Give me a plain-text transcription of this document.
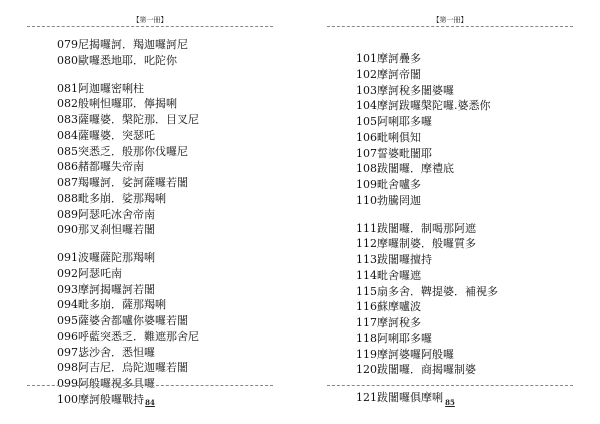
【第一冊】
079尼揭囉訶．羯迦囉訶尼
080歐囉悉地耶．叱陀你
081阿迦囉密唎柱
082般唎怛囉耶．儜揭唎
083薩囉婆．槃陀那．目叉尼
084薩囉婆．突瑟吒
085突悉乏．般那你伐囉尼
086赭都囉失帝南
087羯囉訶．娑訶薩囉若闍
088毗多崩．娑那羯唎
089阿瑟吒冰舍帝南
090那叉刹怛囉若闍
091波囉薩陀那羯唎
092阿瑟吒南
093摩訶揭囉訶若闍
094毗多崩．薩那羯唎
095薩婆舍都嚧你婆囉若闍
096呼藍突悉乏．難遮那舍尼
097毖沙舍．悉怛囉
098阿吉尼．烏陀迦囉若闍
099阿般囉視多具囉
100摩訶般囉戰持 84
【第一冊】
101摩訶疊多
102摩訶帝闍
103摩訶稅多闍婆囉
104摩訶跋囉槃陀囉.婆悉你
105阿唎耶多囉
106毗唎俱知
107誓婆毗闍耶
108跋闍囉．摩禮底
109毗舍嚧多
110勃騰罔迦
111跋闍囉．制喝那阿遮
112摩囉制婆．般囉質多
113跋闍囉擅持
114毗舍囉遮
115扇多舍．鞞提婆．補視多
116蘇摩嚧波
117摩訶稅多
118阿唎耶多囉
119摩訶婆囉阿般囉
120跋闍囉．商揭囉制婆
121跋闍囉俱摩唎 85
